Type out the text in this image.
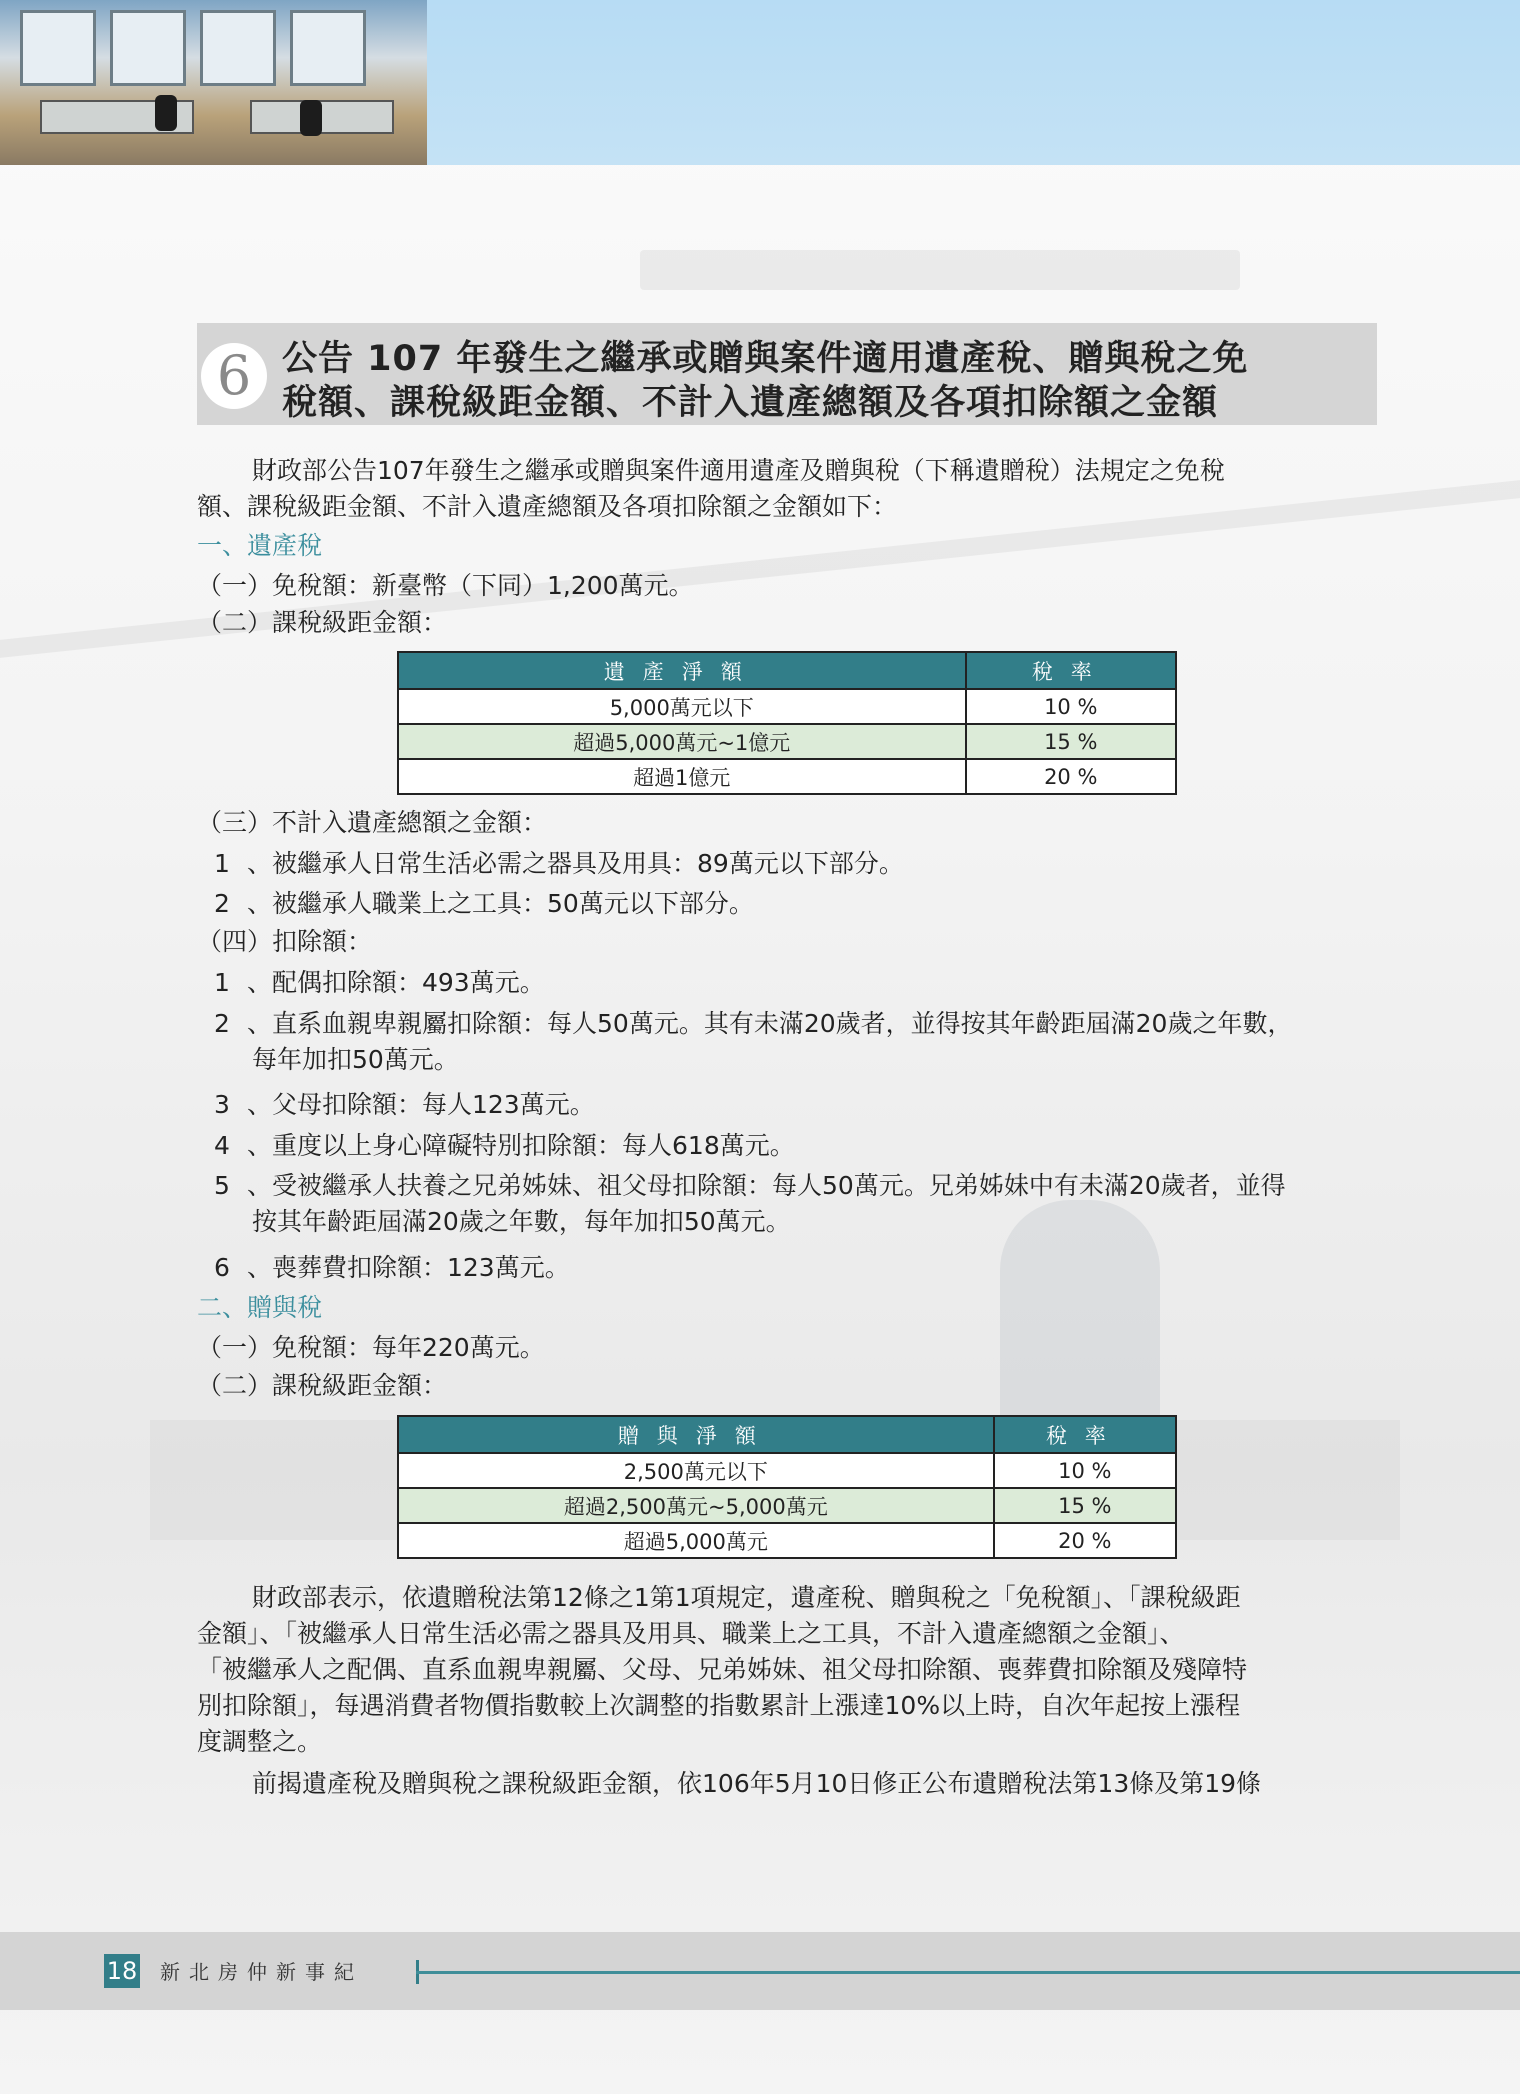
6 公告 107 年發生之繼承或贈與案件適用遺產稅、贈與稅之免
稅額、課稅級距金額、不計入遺產總額及各項扣除額之金額
財政部公告107年發生之繼承或贈與案件適用遺產及贈與稅（下稱遺贈稅）法規定之免稅
額、課稅級距金額、不計入遺產總額及各項扣除額之金額如下：
一、遺產稅
（一）免稅額：新臺幣（下同）1,200萬元。
（二）課稅級距金額：
遺產淨額	稅率
5,000萬元以下	10 %
超過5,000萬元~1億元	15 %
超過1億元	20 %
（三）不計入遺產總額之金額：
1 、被繼承人日常生活必需之器具及用具：89萬元以下部分。
2 、被繼承人職業上之工具：50萬元以下部分。
（四）扣除額：
1 、配偶扣除額：493萬元。
2 、直系血親卑親屬扣除額：每人50萬元。其有未滿20歲者，並得按其年齡距屆滿20歲之年數，
每年加扣50萬元。
3 、父母扣除額：每人123萬元。
4 、重度以上身心障礙特別扣除額：每人618萬元。
5 、受被繼承人扶養之兄弟姊妹、祖父母扣除額：每人50萬元。兄弟姊妹中有未滿20歲者，並得
按其年齡距屆滿20歲之年數，每年加扣50萬元。
6 、喪葬費扣除額：123萬元。
二、贈與稅
（一）免稅額：每年220萬元。
（二）課稅級距金額：
贈與淨額	稅率
2,500萬元以下	10 %
超過2,500萬元~5,000萬元	15 %
超過5,000萬元	20 %
財政部表示，依遺贈稅法第12條之1第1項規定，遺產稅、贈與稅之「免稅額」、「課稅級距
金額」、「被繼承人日常生活必需之器具及用具、職業上之工具，不計入遺產總額之金額」、
「被繼承人之配偶、直系血親卑親屬、父母、兄弟姊妹、祖父母扣除額、喪葬費扣除額及殘障特
別扣除額」，每遇消費者物價指數較上次調整的指數累計上漲達10%以上時，自次年起按上漲程
度調整之。
前揭遺產稅及贈與稅之課稅級距金額，依106年5月10日修正公布遺贈稅法第13條及第19條
18 新北房仲新事紀
